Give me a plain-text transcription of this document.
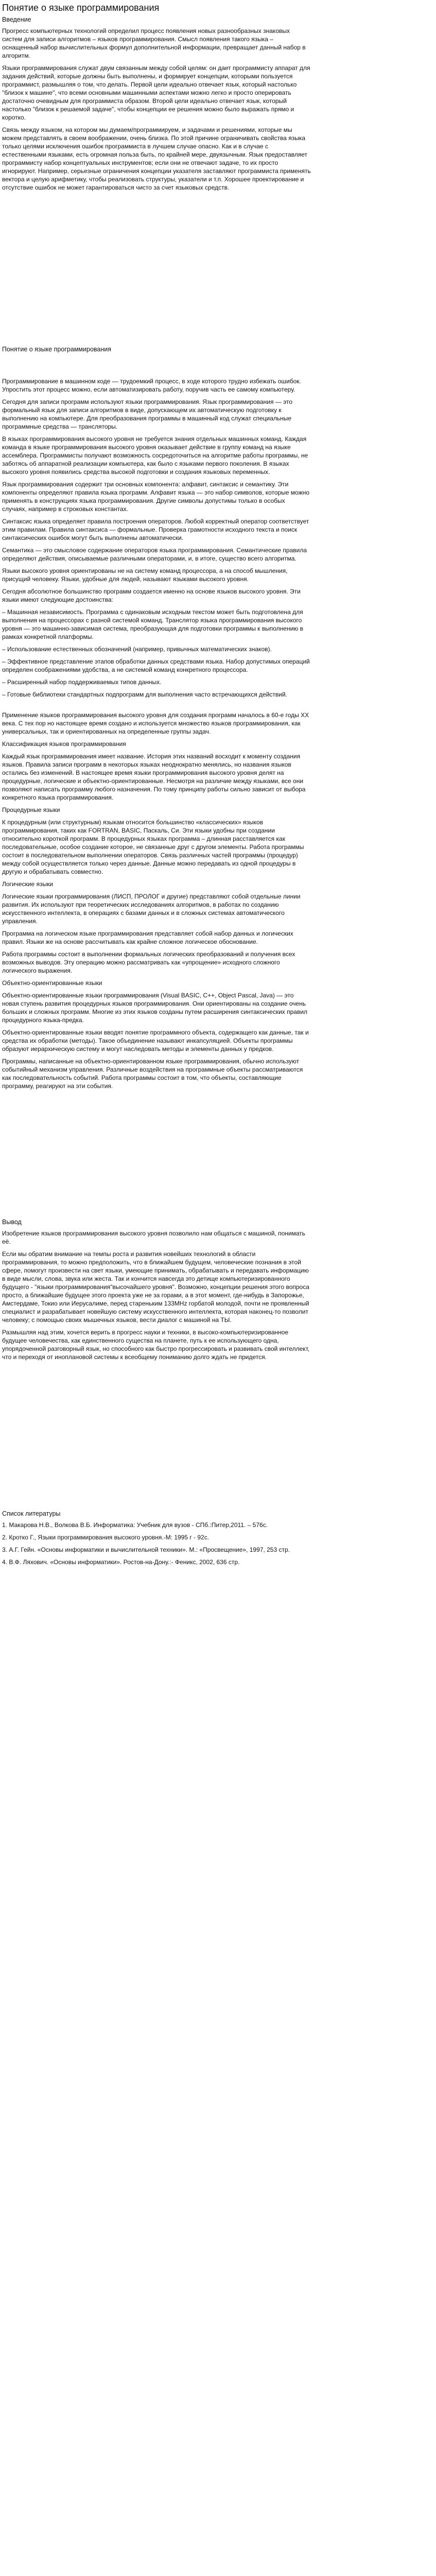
Понятие о языке программирования
Введение

Прогресс компьютерных технологий определил процесс появления новых разнообразных знаковых систем для записи алгоритмов – языков программирования. Смысл появления такого языка – оснащенный набор вычислительных формул дополнительной информации, превращает данный набор в алгоритм.

Языки программирования служат двум связанным между собой целям: он дает программисту аппарат для задания действий, которые должны быть выполнены, и формирует концепции, которыми пользуется программист, размышляя о том, что делать. Первой цели идеально отвечает язык, который настолько "близок к машине", что всеми основными машинными аспектами можно легко и просто оперировать достаточно очевидным для программиста образом. Второй цели идеально отвечает язык, который настолько "близок к решаемой задаче", чтобы концепции ее решения можно было выражать прямо и коротко.

Связь между языком, на котором мы думаем/программируем, и задачами и решениями, которые мы можем представлять в своем воображении, очень близка. По этой причине ограничивать свойства языка только целями исключения ошибок программиста в лучшем случае опасно. Как и в случае с естественными языками, есть огромная польза быть, по крайней мере, двуязычным. Язык предоставляет программисту набор концептуальных инструментов; если они не отвечают задаче, то их просто игнорируют. Например, серьезные ограничения концепции указателя заставляют программиста применять вектора и целую арифметику, чтобы реализовать структуры, указатели и т.п. Хорошее проектирование и отсутствие ошибок не может гарантироваться чисто за счет языковых средств.

Понятие о языке программирования

Программирование в машинном коде — трудоемкий процесс, в ходе которого трудно избежать ошибок. Упростить этот процесс можно, если автоматизировать работу, поручив часть ее самому компьютеру.

Сегодня для записи программ используют языки программирования. Язык программирования — это формальный язык для записи алгоритмов в виде, допускающем их автоматическую подготовку к выполнению на компьютере. Для преобразования программы в машинный код служат специальные программные средства — трансляторы.

В языках программирования высокого уровня не требуется знания отдельных машинных команд. Каждая команда в языке программирования высокого уровня оказывает действие в группу команд на языке ассемблера. Программисты получают возможность сосредоточиться на алгоритме работы программы, не заботясь об аппаратной реализации компьютера, как было с языками первого поколения. В языках высокого уровня появились средства высокой подготовки и создания языковых переменных.

Язык программирования содержит три основных компонента: алфавит, синтаксис и семантику. Эти компоненты определяют правила языка программ. Алфавит языка — это набор символов, которые можно применять в конструкциях языка программирования. Другие символы допустимы только в особых случаях, например в строковых константах.

Синтаксис языка определяет правила построения операторов. Любой корректный оператор соответствует этим правилам. Правила синтаксиса — формальные. Проверка грамотности исходного текста и поиск синтаксических ошибок могут быть выполнены автоматически.

Семантика — это смысловое содержание операторов языка программирования. Семантические правила определяют действия, описываемые различными операторами, и, в итоге, существо всего алгоритма.

Языки высокого уровня ориентированы не на систему команд процессора, а на способ мышления, присущий человеку. Языки, удобные для людей, называют языками высокого уровня.

Сегодня абсолютное большинство программ создается именно на основе языков высокого уровня. Эти языки имеют следующие достоинства:

– Машинная независимость. Программа с одинаковым исходным текстом может быть подготовлена для выполнения на процессорах с разной системой команд. Транслятор языка программирования высокого уровня — это машинно-зависимая система, преобразующая для подготовки программы к выполнению в рамках конкретной платформы.

– Использование естественных обозначений (например, привычных математических знаков).

– Эффективное представление этапов обработки данных средствами языка. Набор допустимых операций определен соображениями удобства, а не системой команд конкретного процессора.

– Расширенный набор поддерживаемых типов данных.

– Готовые библиотеки стандартных подпрограмм для выполнения часто встречающихся действий.

Применение языков программирования высокого уровня для создания программ началось в 60-е годы XX века. С тех пор но настоящее время создано и используется множество языков программирования, как универсальных, так и ориентированных на определенные группы задач.

Классификация языков программирования

Каждый язык программирования имеет название. История этих названий восходит к моменту создания языков. Правила записи программ в некоторых языках неоднократно менялись, но названия языков остались без изменений. В настоящее время языки программирования высокого уровня делят на процедурные, логические и объектно-ориентированные. Несмотря на различие между языками, все они позволяют написать программу любого назначения. По тому принципу работы сильно зависит от выбора конкретного языка программирования.

Процедурные языки

К процедурным (или структурным) языкам относится большинство «классических» языков программирования, таких как FORTRAN, BASIC, Паскаль, Си. Эти языки удобны при создании относительно короткой программ. В процедурных языках программа – длинная расставляется как последовательные, особое создание которое, не связанные друг с другом элементы. Работа программы состоит в последовательном выполнении операторов. Связь различных частей программы (процедур) между собой осуществляется только через данные. Данные можно передавать из одной процедуры в другую и обрабатывать совместно.

Логические языки

Логические языки программирования (ЛИСП, ПРОЛОГ и другие) представляют собой отдельные линии развития. Их используют при теоретических исследованиях алгоритмов, в работах по созданию искусственного интеллекта, в операциях с базами данных и в сложных системах автоматического управления.

Программа на логическом языке программирования представляет собой набор данных и логических правил. Языки же на основе рассчитывать как крайне сложное логическое обоснование.

Работа программы состоит в выполнении формальных логических преобразований и получения всех возможных выводов. Эту операцию можно рассматривать как «упрощение» исходного сложного логического выражения.

Объектно-ориентированные языки

Объектно-ориентированные языки программирования (Visual BASIC, C++, Object Pascal, Java) — это новая ступень развития процедурных языков программирования. Они ориентированы на создание очень больших и сложных программ. Многие из этих языков созданы путем расширения синтаксических правил процедурного языка-предка.

Объектно-ориентированные языки вводят понятие программного объекта, содержащего как данные, так и средства их обработки (методы). Такое объединение называют инкапсуляцией. Объекты программы образуют иерархическую систему и могут наследовать методы и элементы данных у предков.

Программы, написанные на объектно-ориентированном языке программирования, обычно используют событийный механизм управления. Различные воздействия на программные объекты рассматриваются как последовательность событий. Работа программы состоит в том, что объекты, составляющие программу, реагируют на эти события.

Вывод

Изобретение языков программирования высокого уровня позволило нам общаться с машиной, понимать её.

Если мы обратим внимание на темпы роста и развития новейших технологий в области программирования, то можно предположить, что в ближайшем будущем, человеческие познания в этой сфере, помогут произвести на свет языки, умеющие принимать, обрабатывать и передавать информацию в виде мысли, слова, звука или жеста. Так и кончится навсегда это детище компьютеризированного будущего - "языки программирования"высочайшего уровня". Возможно, концепции решения этого вопроса просто, а ближайшие будущее этого проекта уже не за горами, а в этот момент, где-нибудь в Запорожье, Амстердаме, Токио или Иерусалиме, перед стареньким 133MHz горбатой молодой, почти не проявленный специалист и разрабатывает новейшую систему искусственного интеллекта, которая наконец-то позволит человеку; с помощью своих мышечных языков, вести диалог с машиной на ТЫ.

Размышляя над этим, хочется верить в прогресс науки и техники, в высоко-компьютеризированное будущее человечества, как единственного существа на планете, путь к ее использующего одна, упорядоченной разговорный язык, но способного как быстро прогрессировать и развивать свой интеллект, что и переходя от иноплановой системы к всеобщему пониманию долго ждать не придется.

Список литературы

1. Макарова Н.В., Волкова В.Б. Информатика: Учебник для вузов - СПб.:Питер,2011. – 576с.

2. Кротко Г., Языки программирования высокого уровня.-М: 1995 г - 92с.

3. А.Г. Гейн. «Основы информатики и вычислительной техники». М.: «Просвещение», 1997, 253 стр.

4. В.Ф. Ляхович. «Основы информатики». Ростов-на-Дону.:- Феникс, 2002, 636 стр.
